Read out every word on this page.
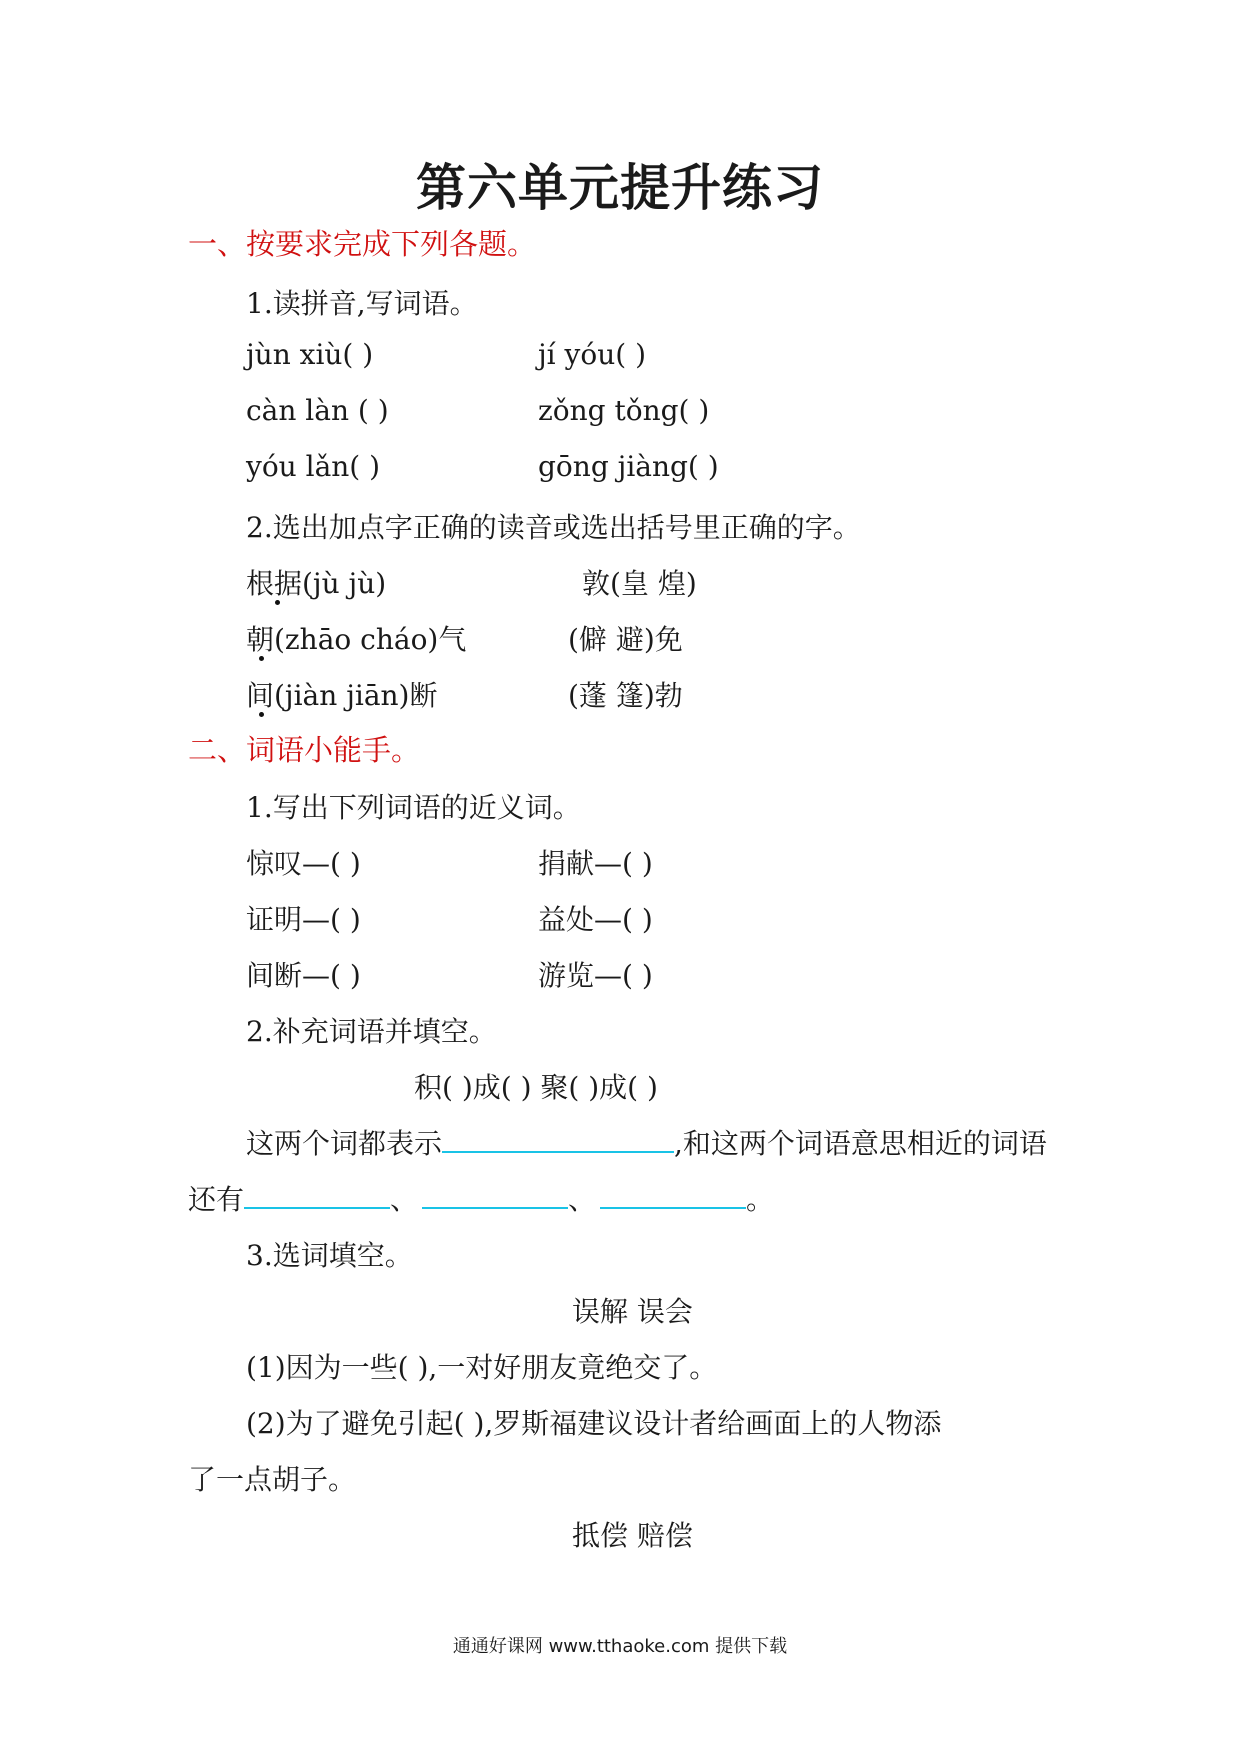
第六单元提升练习
一、按要求完成下列各题。
1.读拼音,写词语。
jùn xiù( )	jí yóu( )
càn làn ( )	zǒng tǒng( )
yóu lǎn( )	gōng jiàng( )
2.选出加点字正确的读音或选出括号里正确的字。
根据(jù jù)	敦(皇 煌)
朝(zhāo cháo)气	(僻 避)免
间(jiàn jiān)断	(蓬 篷)勃
二、词语小能手。
1.写出下列词语的近义词。
惊叹—( )	捐献—( )
证明—( )	益处—( )
间断—( )	游览—( )
2.补充词语并填空。
积( )成( ) 聚( )成( )
这两个词都表示	,和这两个词语意思相近的词语
还有	、	、	。
3.选词填空。
误解 误会
(1)因为一些( ),一对好朋友竟绝交了。
(2)为了避免引起( ),罗斯福建议设计者给画面上的人物添
了一点胡子。
抵偿 赔偿
通通好课网 www.tthaoke.com 提供下载
